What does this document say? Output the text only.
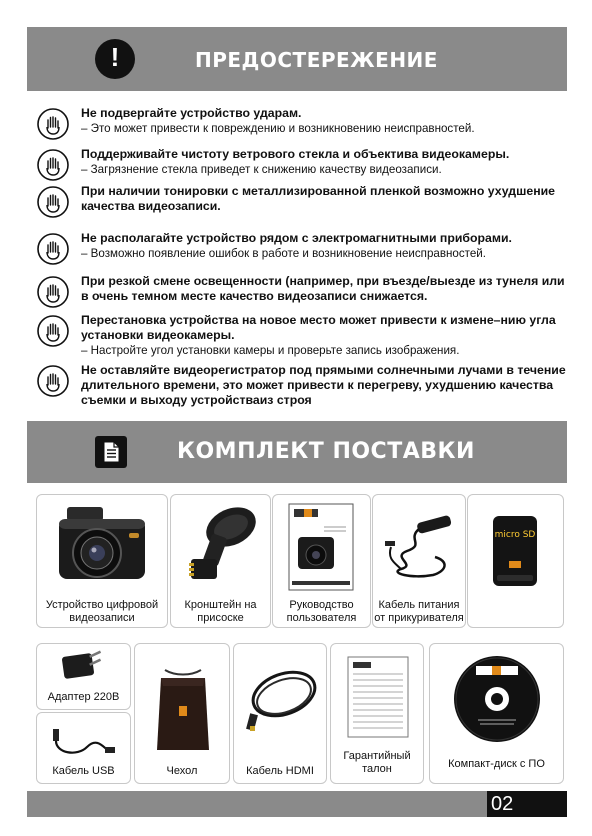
!	ПРЕДОСТЕРЕЖЕНИЕ
Не подвергайте устройство ударам.
– Это может привести к повреждению и возникновению неисправностей.
Поддерживайте чистоту ветрового стекла и объектива видеокамеры.
– Загрязнение стекла приведет к снижению качеству видеозаписи.
При наличии тонировки с металлизированной пленкой возможно ухудшение качества видеозаписи.
Не располагайте устройство рядом с электромагнитными приборами.
– Возможно появление ошибок в работе и возникновение неисправностей.
При резкой смене освещенности (например, при въезде/выезде из тунеля или в очень темном месте качество видеозаписи снижается.
Перестановка устройства на новое место может привести к измене–нию угла установки видеокамеры.
– Настройте угол установки камеры и проверьте запись изображения.
Не оставляйте видеорегистратор под прямыми солнечными лучами в течение длительного времени, это может привести к перегреву, ухудшению качества съемки и выходу устройстваиз строя
КОМПЛЕКТ ПОСТАВКИ
Устройство цифровой видеозаписи
Кронштейн на присоске
Руководство пользователя
Кабель питания от прикуривателя
micro SD
Адаптер 220В
Кабель USB	Чехол	Кабель HDMI
Гарантийный талон	Компакт-диск с ПО
02
